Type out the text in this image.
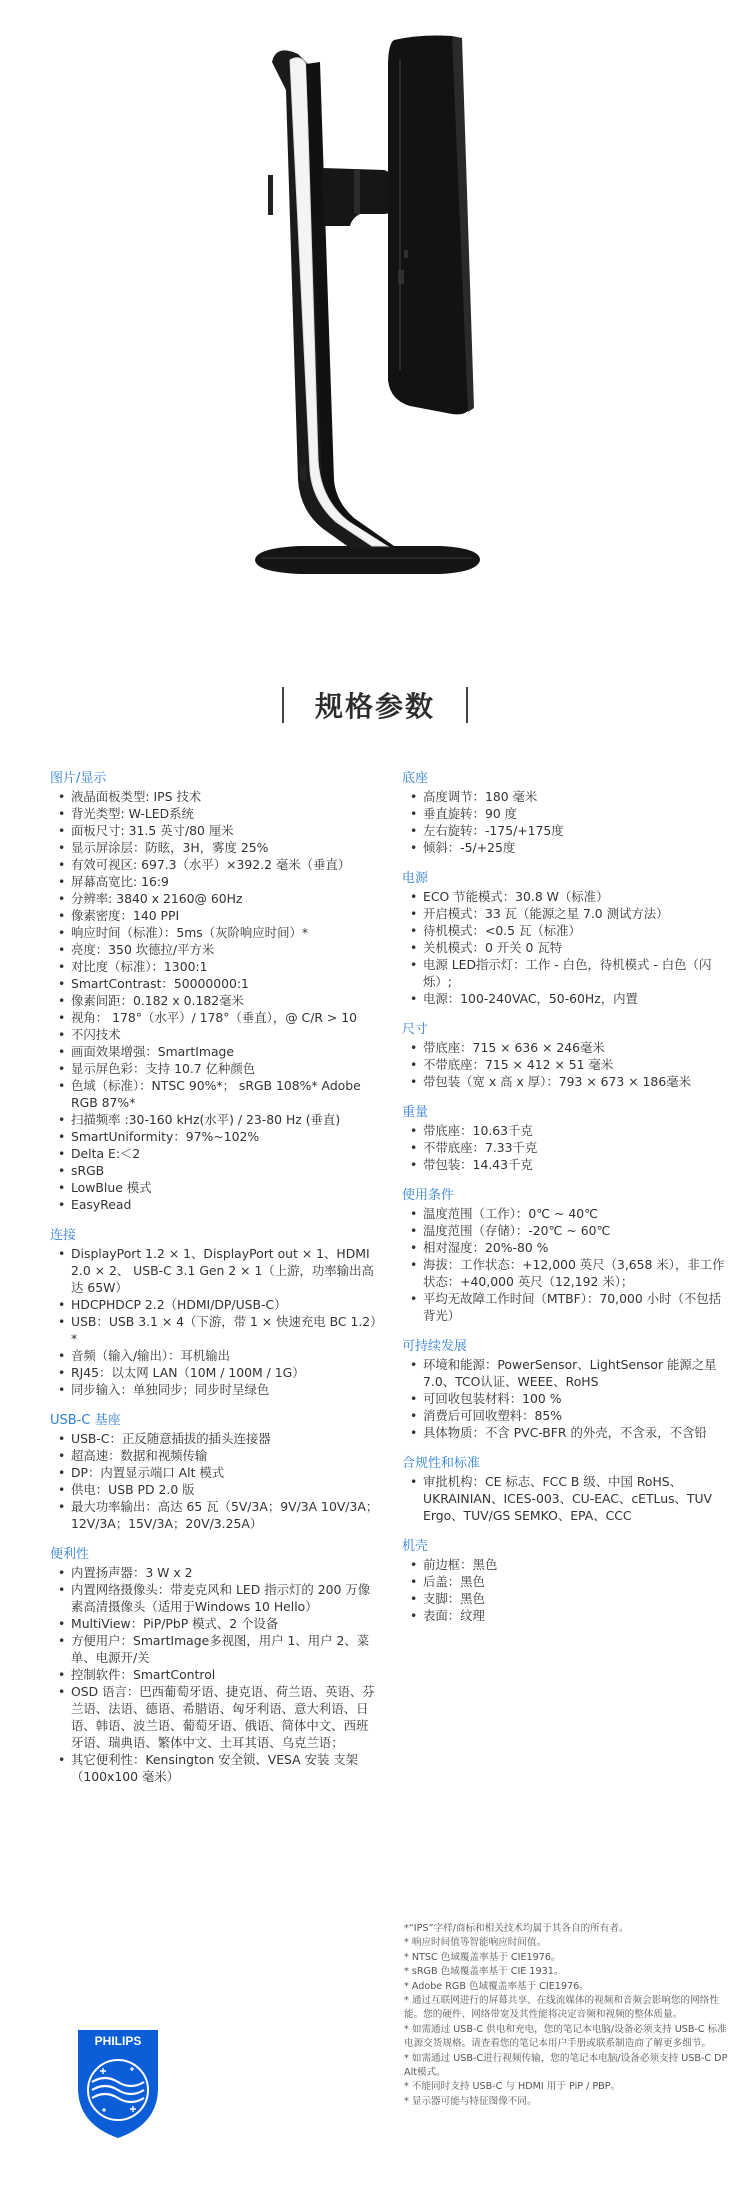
规格参数
图片/显示
• 液晶面板类型: IPS 技术
• 背光类型: W-LED系统
• 面板尺寸: 31.5 英寸/80 厘米
• 显示屏涂层：防眩，3H，雾度 25%
• 有效可视区: 697.3（水平）×392.2 毫米（垂直）
• 屏幕高宽比: 16:9
• 分辨率: 3840 x 2160@ 60Hz
• 像素密度：140 PPI
• 响应时间（标准）：5ms（灰阶响应时间）*
• 亮度：350 坎德拉/平方米
• 对比度（标准）：1300:1
• SmartContrast：50000000:1
• 像素间距：0.182 x 0.182毫米
• 视角： 178°（水平）/ 178°（垂直），@ C/R > 10
• 不闪技术
• 画面效果增强：SmartImage
• 显示屏色彩：支持 10.7 亿种颜色
• 色域（标准）：NTSC 90%*； sRGB 108%* Adobe RGB 87%*
• 扫描频率 :30-160 kHz(水平) / 23-80 Hz (垂直)
• SmartUniformity：97%~102%
• Delta E:＜2
• sRGB
• LowBlue 模式
• EasyRead
连接
• DisplayPort 1.2 × 1、DisplayPort out × 1、HDMI 2.0 × 2、 USB-C 3.1 Gen 2 × 1（上游，功率输出高达 65W）
• HDCPHDCP 2.2（HDMI/DP/USB-C）
• USB：USB 3.1 × 4（下游，带 1 × 快速充电 BC 1.2）*
• 音频（输入/输出）：耳机输出
• RJ45：以太网 LAN（10M / 100M / 1G）
• 同步输入：单独同步；同步时呈绿色
USB-C 基座
• USB-C：正反随意插拔的插头连接器
• 超高速：数据和视频传输
• DP：内置显示端口 Alt 模式
• 供电：USB PD 2.0 版
• 最大功率输出：高达 65 瓦（5V/3A；9V/3A 10V/3A；12V/3A；15V/3A；20V/3.25A）
便利性
• 内置扬声器：3 W x 2
• 内置网络摄像头：带麦克风和 LED 指示灯的 200 万像素高清摄像头（适用于Windows 10 Hello）
• MultiView：PiP/PbP 模式、2 个设备
• 方便用户：SmartImage多视图，用户 1、用户 2、菜单、电源开/关
• 控制软件：SmartControl
• OSD 语言：巴西葡萄牙语、捷克语、荷兰语、英语、芬兰语、法语、德语、希腊语、匈牙利语、意大利语、日语、韩语、波兰语、葡萄牙语、俄语、简体中文、西班牙语、瑞典语、繁体中文、土耳其语、乌克兰语；
• 其它便利性：Kensington 安全锁、VESA 安装 支架（100x100 毫米）
底座
• 高度调节：180 毫米
• 垂直旋转：90 度
• 左右旋转：-175/+175度
• 倾斜：-5/+25度
电源
• ECO 节能模式：30.8 W（标准）
• 开启模式：33 瓦（能源之星 7.0 测试方法）
• 待机模式：<0.5 瓦（标准）
• 关机模式：0 开关 0 瓦特
• 电源 LED指示灯：工作 - 白色，待机模式 - 白色（闪烁）;
• 电源：100-240VAC，50-60Hz，内置
尺寸
• 带底座：715 × 636 × 246毫米
• 不带底座：715 × 412 × 51 毫米
• 带包装（宽 x 高 x 厚）：793 × 673 × 186毫米
重量
• 带底座：10.63千克
• 不带底座：7.33千克
• 带包装：14.43千克
使用条件
• 温度范围（工作）：0℃ ~ 40℃
• 温度范围（存储）：-20℃ ~ 60℃
• 相对湿度：20%-80 %
• 海拔：工作状态：+12,000 英尺（3,658 米），非工作状态：+40,000 英尺（12,192 米）；
• 平均无故障工作时间（MTBF）：70,000 小时（不包括背光）
可持续发展
• 环境和能源：PowerSensor、LightSensor 能源之星 7.0、TCO认证、WEEE、RoHS
• 可回收包装材料：100 %
• 消费后可回收塑料：85%
• 具体物质：不含 PVC-BFR 的外壳，不含汞，不含铅
合规性和标准
• 审批机构：CE 标志、FCC B 级、中国 RoHS、UKRAINIAN、ICES-003、CU-EAC、cETLus、TUV Ergo、TUV/GS SEMKO、EPA、CCC
机壳
• 前边框：黑色
• 后盖：黑色
• 支脚：黑色
• 表面：纹理

*“IPS”字样/商标和相关技术均属于其各自的所有者。

* 响应时间值等智能响应时间值。

* NTSC 色域覆盖率基于 CIE1976。

* sRGB 色域覆盖率基于 CIE 1931。

* Adobe RGB 色域覆盖率基于 CIE1976。

* 通过互联网进行的屏幕共享、在线流媒体的视频和音频会影响您的网络性能。您的硬件、网络带宽及其性能将决定音频和视频的整体质量。

* 如需通过 USB-C 供电和充电，您的笔记本电脑/设备必须支持 USB-C 标准电源交货规格。请查看您的笔记本用户手册或联系制造商了解更多细节。

* 如需通过 USB-C进行视频传输，您的笔记本电脑/设备必须支持 USB-C DP Alt模式。

* 不能同时支持 USB-C 与 HDMI 用于 PiP / PBP。

* 显示器可能与特征图像不同。

PHILIPS
